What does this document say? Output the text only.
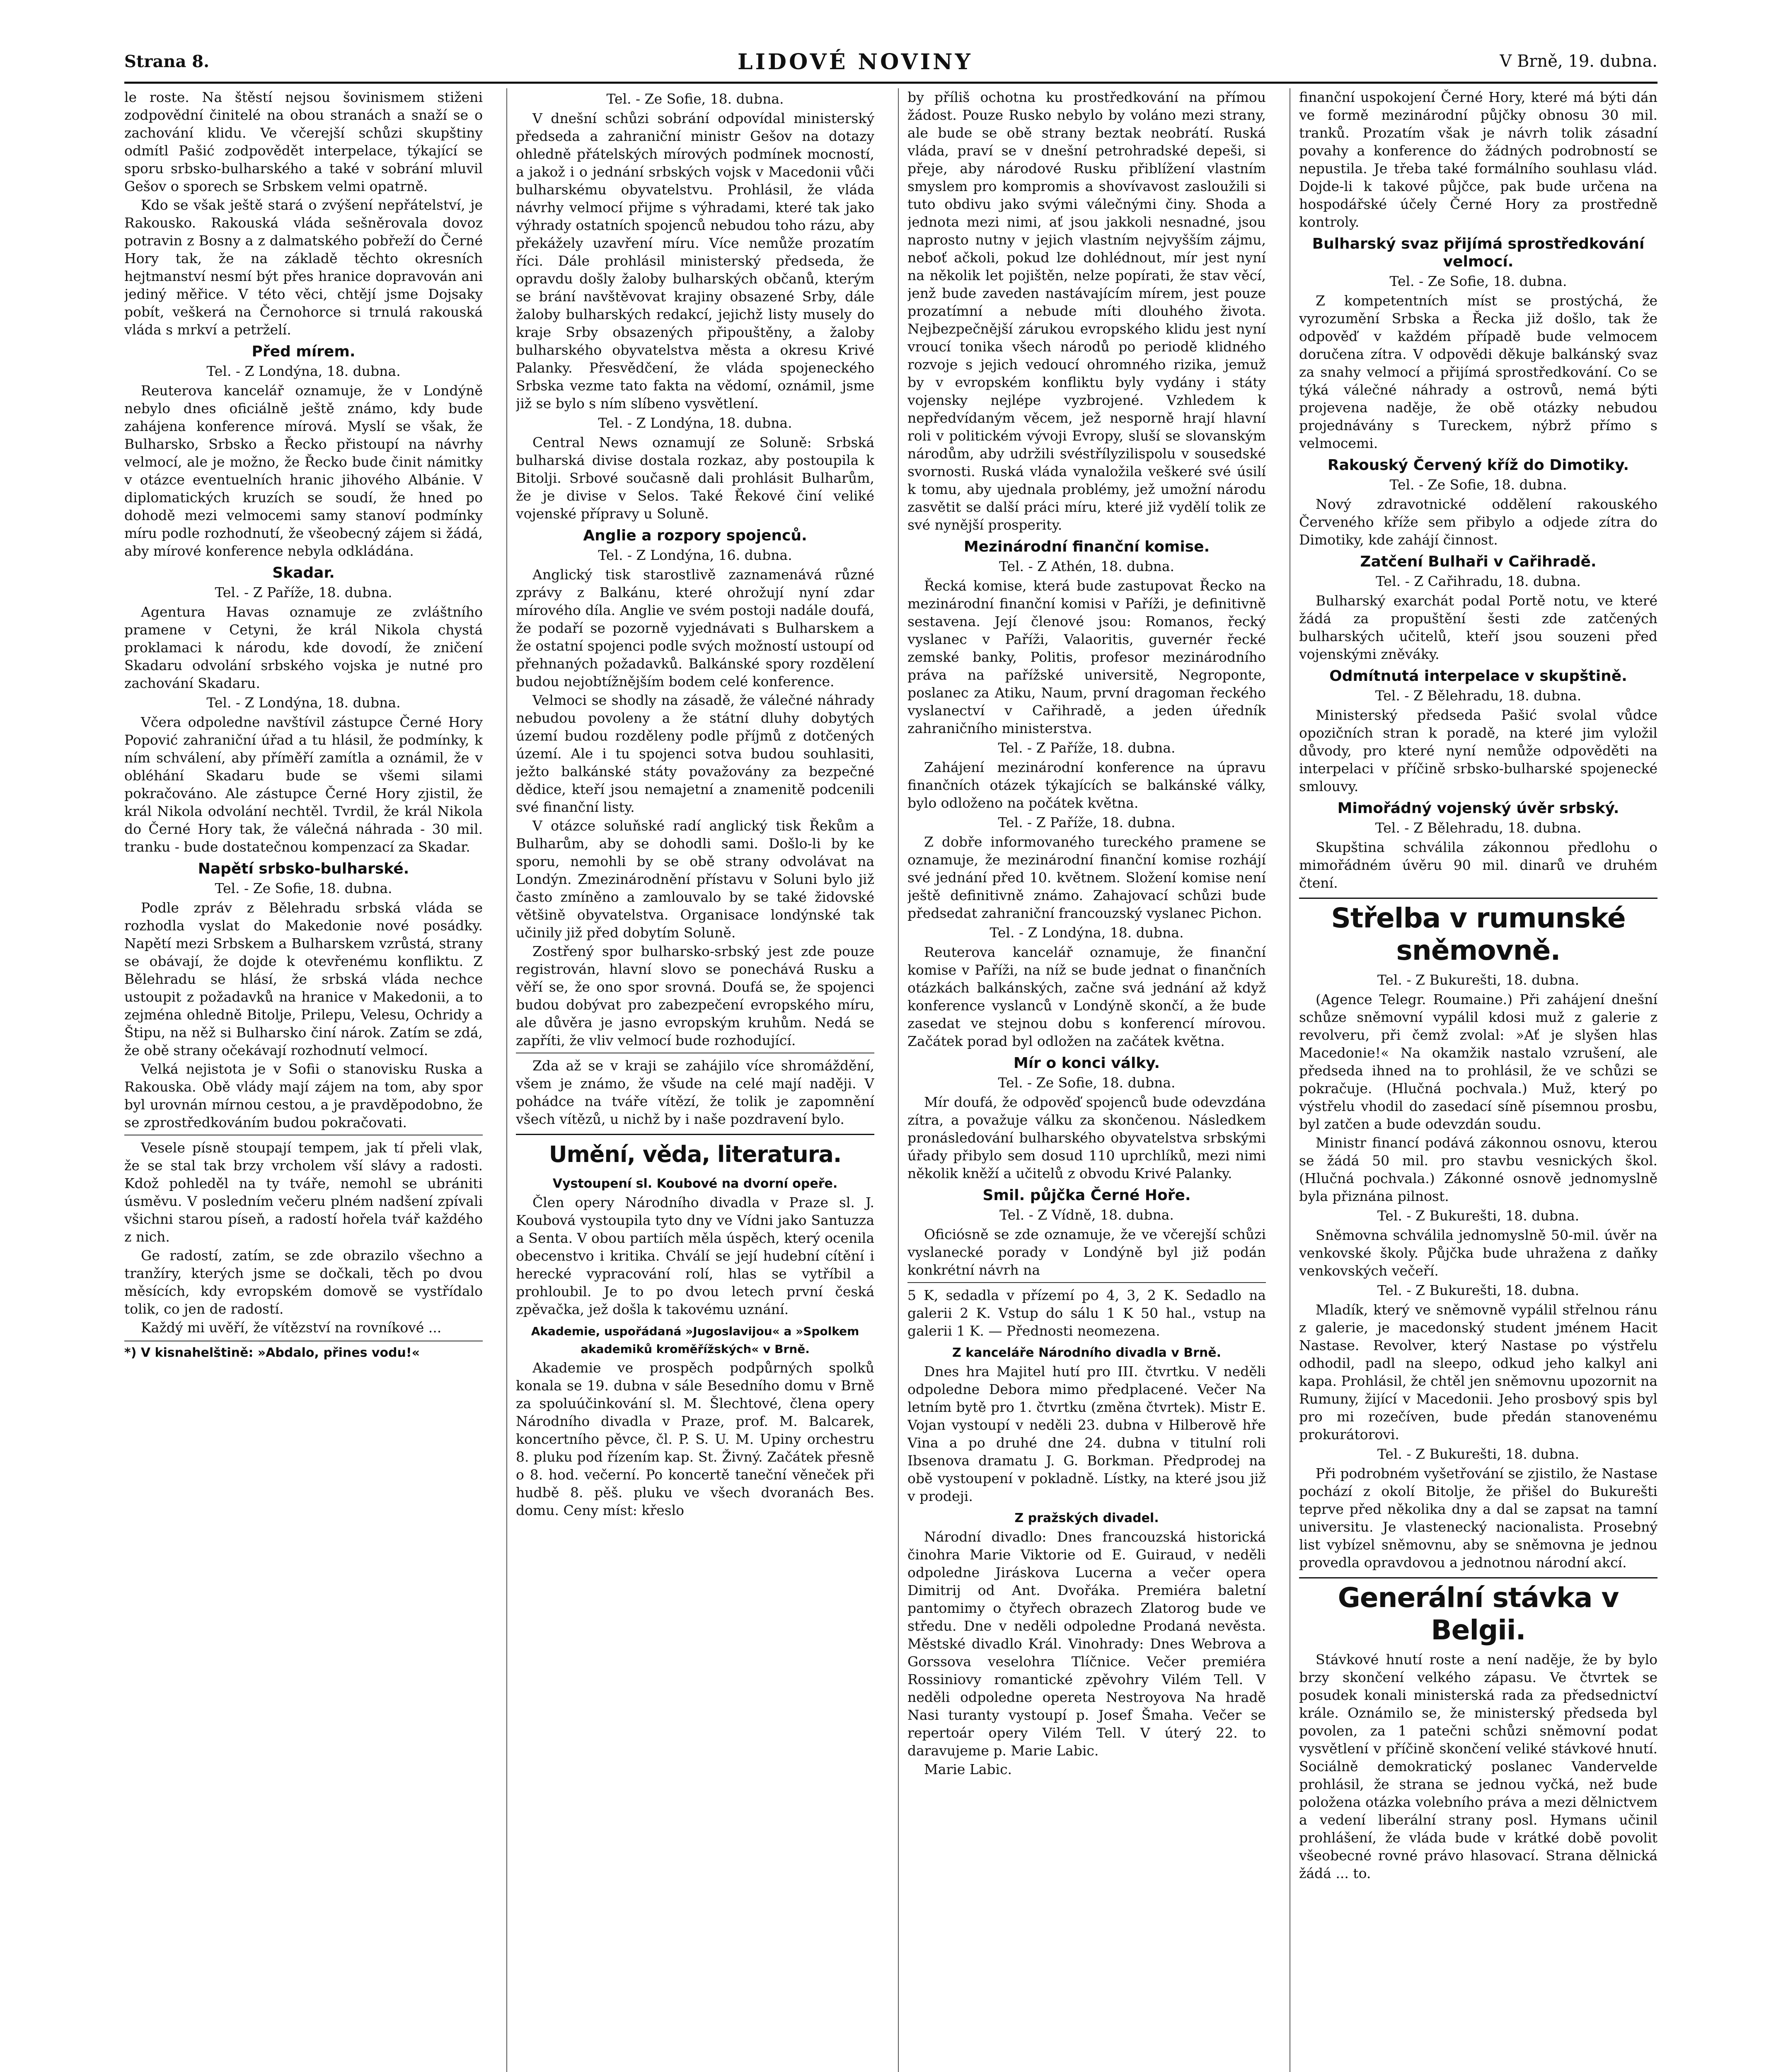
Strana 8.	LIDOVÉ NOVINY	V Brně, 19. dubna.

le roste. Na štěstí nejsou šovinismem stiženi zodpovědní činitelé na obou stranách a snaží se o zachování klidu. Ve včerejší schůzi skupštiny odmítl Pašić zodpovědět interpelace, týkající se sporu srbsko-bulharského a také v sobrání mluvil Gešov o sporech se Srbskem velmi opatrně.

Kdo se však ještě stará o zvýšení nepřátelství, je Rakousko. Rakouská vláda sešněrovala dovoz potravin z Bosny a z dalmatského pobřeží do Černé Hory tak, že na základě těchto okresních hejtmanství nesmí být přes hranice dopravován ani jediný měřice. V této věci, chtějí jsme Dojsaky pobít, veškerá na Černohorce si trnulá rakouská vláda s mrkví a petrželí.

Před mírem.
Tel. - Z Londýna, 18. dubna.

Reuterova kancelář oznamuje, že v Londýně nebylo dnes oficiálně ještě známo, kdy bude zahájena konference mírová. Myslí se však, že Bulharsko, Srbsko a Řecko přistoupí na návrhy velmocí, ale je možno, že Řecko bude činit námitky v otázce eventuelních hranic jihového Albánie. V diplomatických kruzích se soudí, že hned po dohodě mezi velmocemi samy stanoví podmínky míru podle rozhodnutí, že všeobecný zájem si žádá, aby mírové konference nebyla odkládána.

Skadar.
Tel. - Z Paříže, 18. dubna.

Agentura Havas oznamuje ze zvláštního pramene v Cetyni, že král Nikola chystá proklamaci k národu, kde dovodí, že zničení Skadaru odvolání srbského vojska je nutné pro zachování Skadaru.

Tel. - Z Londýna, 18. dubna.

Včera odpoledne navštívil zástupce Černé Hory Popović zahraniční úřad a tu hlásil, že podmínky, k ním schválení, aby příměří zamítla a oznámil, že v obléhání Skadaru bude se všemi silami pokračováno. Ale zástupce Černé Hory zjistil, že král Nikola odvolání nechtěl. Tvrdil, že král Nikola do Černé Hory tak, že válečná náhrada - 30 mil. tranku - bude dostatečnou kompenzací za Skadar.

Napětí srbsko-bulharské.
Tel. - Ze Sofie, 18. dubna.

Podle zpráv z Bělehradu srbská vláda se rozhodla vyslat do Makedonie nové posádky. Napětí mezi Srbskem a Bulharskem vzrůstá, strany se obávají, že dojde k otevřenému konfliktu. Z Bělehradu se hlásí, že srbská vláda nechce ustoupit z požadavků na hranice v Makedonii, a to zejména ohledně Bitolje, Prilepu, Velesu, Ochridy a Štipu, na něž si Bulharsko činí nárok. Zatím se zdá, že obě strany očekávají rozhodnutí velmocí.

Velká nejistota je v Sofii o stanovisku Ruska a Rakouska. Obě vlády mají zájem na tom, aby spor byl urovnán mírnou cestou, a je pravděpodobno, že se zprostředkováním budou pokračovati.

Vesele písně stoupají tempem, jak tí přeli vlak, že se stal tak brzy vrcholem vší slávy a radosti. Kdož pohleděl na ty tváře, nemohl se ubrániti úsměvu. V posledním večeru plném nadšení zpívali všichni starou píseň, a radostí hořela tvář každého z nich.

Ge radostí, zatím, se zde obrazilo všechno a tranžíry, kterých jsme se dočkali, těch po dvou měsících, kdy evropském domově se vystřídalo tolik, co jen de radostí.

Každý mi uvěří, že vítězství na rovníkové ...

*) V kisnahelštině: »Abdalo, přines vodu!«
Tel. - Ze Sofie, 18. dubna.

V dnešní schůzi sobrání odpovídal ministerský předseda a zahraniční ministr Gešov na dotazy ohledně přátelských mírových podmínek mocností, a jakož i o jednání srbských vojsk v Macedonii vůči bulharskému obyvatelstvu. Prohlásil, že vláda návrhy velmocí přijme s výhradami, které tak jako výhrady ostatních spojenců nebudou toho rázu, aby překážely uzavření míru. Více nemůže prozatím říci. Dále prohlásil ministerský předseda, že opravdu došly žaloby bulharských občanů, kterým se brání navštěvovat krajiny obsazené Srby, dále žaloby bulharských redakcí, jejichž listy musely do kraje Srby obsazených připouštěny, a žaloby bulharského obyvatelstva města a okresu Krivé Palanky. Přesvědčení, že vláda spojeneckého Srbska vezme tato fakta na vědomí, oznámil, jsme již se bylo s ním slíbeno vysvětlení.

Tel. - Z Londýna, 18. dubna.

Central News oznamují ze Soluně: Srbská bulharská divise dostala rozkaz, aby postoupila k Bitolji. Srbové současně dali prohlásit Bulharům, že je divise v Selos. Také Řekové činí veliké vojenské přípravy u Soluně.

Anglie a rozpory spojenců.
Tel. - Z Londýna, 16. dubna.

Anglický tisk starostlivě zaznamenává různé zprávy z Balkánu, které ohrožují nyní zdar mírového díla. Anglie ve svém postoji nadále doufá, že podaří se pozorně vyjednávati s Bulharskem a že ostatní spojenci podle svých možností ustoupí od přehnaných požadavků. Balkánské spory rozdělení budou nejobtížnějším bodem celé konference.

Velmoci se shodly na zásadě, že válečné náhrady nebudou povoleny a že státní dluhy dobytých území budou rozděleny podle příjmů z dotčených území. Ale i tu spojenci sotva budou souhlasiti, ježto balkánské státy považovány za bezpečné dědice, kteří jsou nemajetní a znamenitě podcenili své finanční listy.

V otázce soluňské radí anglický tisk Řekům a Bulharům, aby se dohodli sami. Došlo-li by ke sporu, nemohli by se obě strany odvolávat na Londýn. Zmezinárodnění přístavu v Soluni bylo již často zmíněno a zamlouvalo by se také židovské většině obyvatelstva. Organisace londýnské tak učinily již před dobytím Soluně.

Zostřený spor bulharsko-srbský jest zde pouze registrován, hlavní slovo se ponechává Rusku a věří se, že ono spor srovná. Doufá se, že spojenci budou dobývat pro zabezpečení evropského míru, ale důvěra je jasno evropským kruhům. Nedá se zapříti, že vliv velmocí bude rozhodující.

Zda až se v kraji se zahájilo více shromáždění, všem je známo, že všude na celé mají naději. V pohádce na tváře vítězí, že tolik je zapomnění všech vítězů, u nichž by i naše pozdravení bylo.

Umění, věda, literatura.
Vystoupení sl. Koubové na dvorní opeře.

Člen opery Národního divadla v Praze sl. J. Koubová vystoupila tyto dny ve Vídni jako Santuzza a Senta. V obou partiích měla úspěch, který ocenila obecenstvo i kritika. Chválí se její hudební cítění i herecké vypracování rolí, hlas se vytříbil a prohloubil. Je to po dvou letech první česká zpěvačka, jež došla k takovému uznání.

Akademie, uspořádaná »Jugoslavijou« a »Spolkem akademiků kroměřížských« v Brně.

Akademie ve prospěch podpůrných spolků konala se 19. dubna v sále Besedního domu v Brně za spoluúčinkování sl. M. Šlechtové, člena opery Národního divadla v Praze, prof. M. Balcarek, koncertního pěvce, čl. P. S. U. M. Upiny orchestru 8. pluku pod řízením kap. St. Živný. Začátek přesně o 8. hod. večerní. Po koncertě taneční věneček při hudbě 8. pěš. pluku ve všech dvoranách Bes. domu. Ceny míst: křeslo

by příliš ochotna ku prostředkování na přímou žádost. Pouze Rusko nebylo by voláno mezi strany, ale bude se obě strany beztak neobrátí. Ruská vláda, praví se v dnešní petrohradské depeši, si přeje, aby národové Rusku přiblížení vlastním smyslem pro kompromis a shovívavost zasloužili si tuto obdivu jako svými válečnými činy. Shoda a jednota mezi nimi, ať jsou jakkoli nesnadné, jsou naprosto nutny v jejich vlastním nejvyšším zájmu, neboť ačkoli, pokud lze dohlédnout, mír jest nyní na několik let pojištěn, nelze popírati, že stav věcí, jenž bude zaveden nastávajícím mírem, jest pouze prozatímní a nebude míti dlouhého života. Nejbezpečnější zárukou evropského klidu jest nyní vroucí tonika všech národů po periodě klidného rozvoje s jejich vedoucí ohromného rizika, jemuž by v evropském konfliktu byly vydány i státy vojensky nejlépe vyzbrojené. Vzhledem k nepředvídaným věcem, jež nesporně hrají hlavní roli v politickém vývoji Evropy, sluší se slovanským národům, aby udržili svéstřílyzilispolu v sousedské svornosti. Ruská vláda vynaložila veškeré své úsilí k tomu, aby ujednala problémy, jež umožní národu zasvětit se další práci míru, které již vydělí tolik ze své nynější prosperity.

Mezinárodní finanční komise.
Tel. - Z Athén, 18. dubna.

Řecká komise, která bude zastupovat Řecko na mezinárodní finanční komisi v Paříži, je definitivně sestavena. Její členové jsou: Romanos, řecký vyslanec v Paříži, Valaoritis, guvernér řecké zemské banky, Politis, profesor mezinárodního práva na pařížské universitě, Negroponte, poslanec za Atiku, Naum, první dragoman řeckého vyslanectví v Cařihradě, a jeden úředník zahraničního ministerstva.

Tel. - Z Paříže, 18. dubna.

Zahájení mezinárodní konference na úpravu finančních otázek týkajících se balkánské války, bylo odloženo na počátek května.

Tel. - Z Paříže, 18. dubna.

Z dobře informovaného tureckého pramene se oznamuje, že mezinárodní finanční komise rozhájí své jednání před 10. květnem. Složení komise není ještě definitivně známo. Zahajovací schůzi bude předsedat zahraniční francouzský vyslanec Pichon.

Tel. - Z Londýna, 18. dubna.

Reuterova kancelář oznamuje, že finanční komise v Paříži, na níž se bude jednat o finančních otázkách balkánských, začne svá jednání až když konference vyslanců v Londýně skončí, a že bude zasedat ve stejnou dobu s konferencí mírovou. Začátek porad byl odložen na začátek května.

Mír o konci války.
Tel. - Ze Sofie, 18. dubna.

Mír doufá, že odpověď spojenců bude odevzdána zítra, a považuje válku za skončenou. Následkem pronásledování bulharského obyvatelstva srbskými úřady přibylo sem dosud 110 uprchlíků, mezi nimi několik kněží a učitelů z obvodu Krivé Palanky.

Smil. půjčka Černé Hoře.
Tel. - Z Vídně, 18. dubna.

Oficiósně se zde oznamuje, že ve včerejší schůzi vyslanecké porady v Londýně byl již podán konkrétní návrh na

5 K, sedadla v přízemí po 4, 3, 2 K. Sedadlo na galerii 2 K. Vstup do sálu 1 K 50 hal., vstup na galerii 1 K. — Přednosti neomezena.

Z kanceláře Národního divadla v Brně.

Dnes hra Majitel hutí pro III. čtvrtku. V neděli odpoledne Debora mimo předplacené. Večer Na letním bytě pro 1. čtvrtku (změna čtvrtek). Mistr E. Vojan vystoupí v neděli 23. dubna v Hilberově hře Vina a po druhé dne 24. dubna v titulní roli Ibsenova dramatu J. G. Borkman. Předprodej na obě vystoupení v pokladně. Lístky, na které jsou již v prodeji.

Z pražských divadel.

Národní divadlo: Dnes francouzská historická činohra Marie Viktorie od E. Guiraud, v neděli odpoledne Jiráskova Lucerna a večer opera Dimitrij od Ant. Dvořáka. Premiéra baletní pantomimy o čtyřech obrazech Zlatorog bude ve středu. Dne v neděli odpoledne Prodaná nevěsta. Městské divadlo Král. Vinohrady: Dnes Webrova a Gorssova veselohra Tlíčnice. Večer premiéra Rossiniovy romantické zpěvohry Vilém Tell. V neděli odpoledne opereta Nestroyova Na hradě Nasi turanty vystoupí p. Josef Šmaha. Večer se repertoár opery Vilém Tell. V úterý 22. to daravujeme p. Marie Labic.

Marie Labic.

finanční uspokojení Černé Hory, které má býti dán ve formě mezinárodní půjčky obnosu 30 mil. tranků. Prozatím však je návrh tolik zásadní povahy a konference do žádných podrobností se nepustila. Je třeba také formálního souhlasu vlád. Dojde-li k takové půjčce, pak bude určena na hospodářské účely Černé Hory za prostředně kontroly.

Bulharský svaz přijímá sprostředkování velmocí.
Tel. - Ze Sofie, 18. dubna.

Z kompetentních míst se prostýchá, že vyrozumění Srbska a Řecka již došlo, tak že odpověď v každém případě bude velmocem doručena zítra. V odpovědi děkuje balkánský svaz za snahy velmocí a přijímá sprostředkování. Co se týká válečné náhrady a ostrovů, nemá býti projevena naděje, že obě otázky nebudou projednávány s Tureckem, nýbrž přímo s velmocemi.

Rakouský Červený kříž do Dimotiky.
Tel. - Ze Sofie, 18. dubna.

Nový zdravotnické oddělení rakouského Červeného kříže sem přibylo a odjede zítra do Dimotiky, kde zahájí činnost.

Zatčení Bulhaři v Cařihradě.
Tel. - Z Cařihradu, 18. dubna.

Bulharský exarchát podal Portě notu, ve které žádá za propuštění šesti zde zatčených bulharských učitelů, kteří jsou souzeni před vojenskými zněváky.

Odmítnutá interpelace v skupštině.
Tel. - Z Bělehradu, 18. dubna.

Ministerský předseda Pašić svolal vůdce opozičních stran k poradě, na které jim vyložil důvody, pro které nyní nemůže odpověděti na interpelaci v příčině srbsko-bulharské spojenecké smlouvy.

Mimořádný vojenský úvěr srbský.
Tel. - Z Bělehradu, 18. dubna.

Skupština schválila zákonnou předlohu o mimořádném úvěru 90 mil. dinarů ve druhém čtení.

Střelba v rumunské sněmovně.
Tel. - Z Bukurešti, 18. dubna.

(Agence Telegr. Roumaine.) Při zahájení dnešní schůze sněmovní vypálil kdosi muž z galerie z revolveru, při čemž zvolal: »Ať je slyšen hlas Macedonie!« Na okamžik nastalo vzrušení, ale předseda ihned na to prohlásil, že ve schůzi se pokračuje. (Hlučná pochvala.) Muž, který po výstřelu vhodil do zasedací síně písemnou prosbu, byl zatčen a bude odevzdán soudu.

Ministr financí podává zákonnou osnovu, kterou se žádá 50 mil. pro stavbu vesnických škol. (Hlučná pochvala.) Zákonné osnově jednomyslně byla přiznána pilnost.

Tel. - Z Bukurešti, 18. dubna.

Sněmovna schválila jednomyslně 50-mil. úvěr na venkovské školy. Půjčka bude uhražena z daňky venkovských večeří.

Tel. - Z Bukurešti, 18. dubna.

Mladík, který ve sněmovně vypálil střelnou ránu z galerie, je macedonský student jménem Hacit Nastase. Revolver, který Nastase po výstřelu odhodil, padl na sleepo, odkud jeho kalkyl ani kapa. Prohlásil, že chtěl jen sněmovnu upozornit na Rumuny, žijící v Macedonii. Jeho prosbový spis byl pro mi rozečíven, bude předán stanovenému prokurátorovi.

Tel. - Z Bukurešti, 18. dubna.

Při podrobném vyšetřování se zjistilo, že Nastase pochází z okolí Bitolje, že přišel do Bukurešti teprve před několika dny a dal se zapsat na tamní universitu. Je vlastenecký nacionalista. Prosebný list vybízel sněmovnu, aby se sněmovna je jednou provedla opravdovou a jednotnou národní akcí.

Generální stávka v Belgii.

Stávkové hnutí roste a není naděje, že by bylo brzy skončení velkého zápasu. Ve čtvrtek se posudek konali ministerská rada za předsednictví krále. Oznámilo se, že ministerský předseda byl povolen, za 1 patečni schůzi sněmovní podat vysvětlení v příčině skončení veliké stávkové hnutí. Sociálně demokratický poslanec Vandervelde prohlásil, že strana se jednou vyčká, než bude položena otázka volebního práva a mezi dělnictvem a vedení liberální strany posl. Hymans učinil prohlášení, že vláda bude v krátké době povolit všeobecné rovné právo hlasovací. Strana dělnická žádá ... to.
